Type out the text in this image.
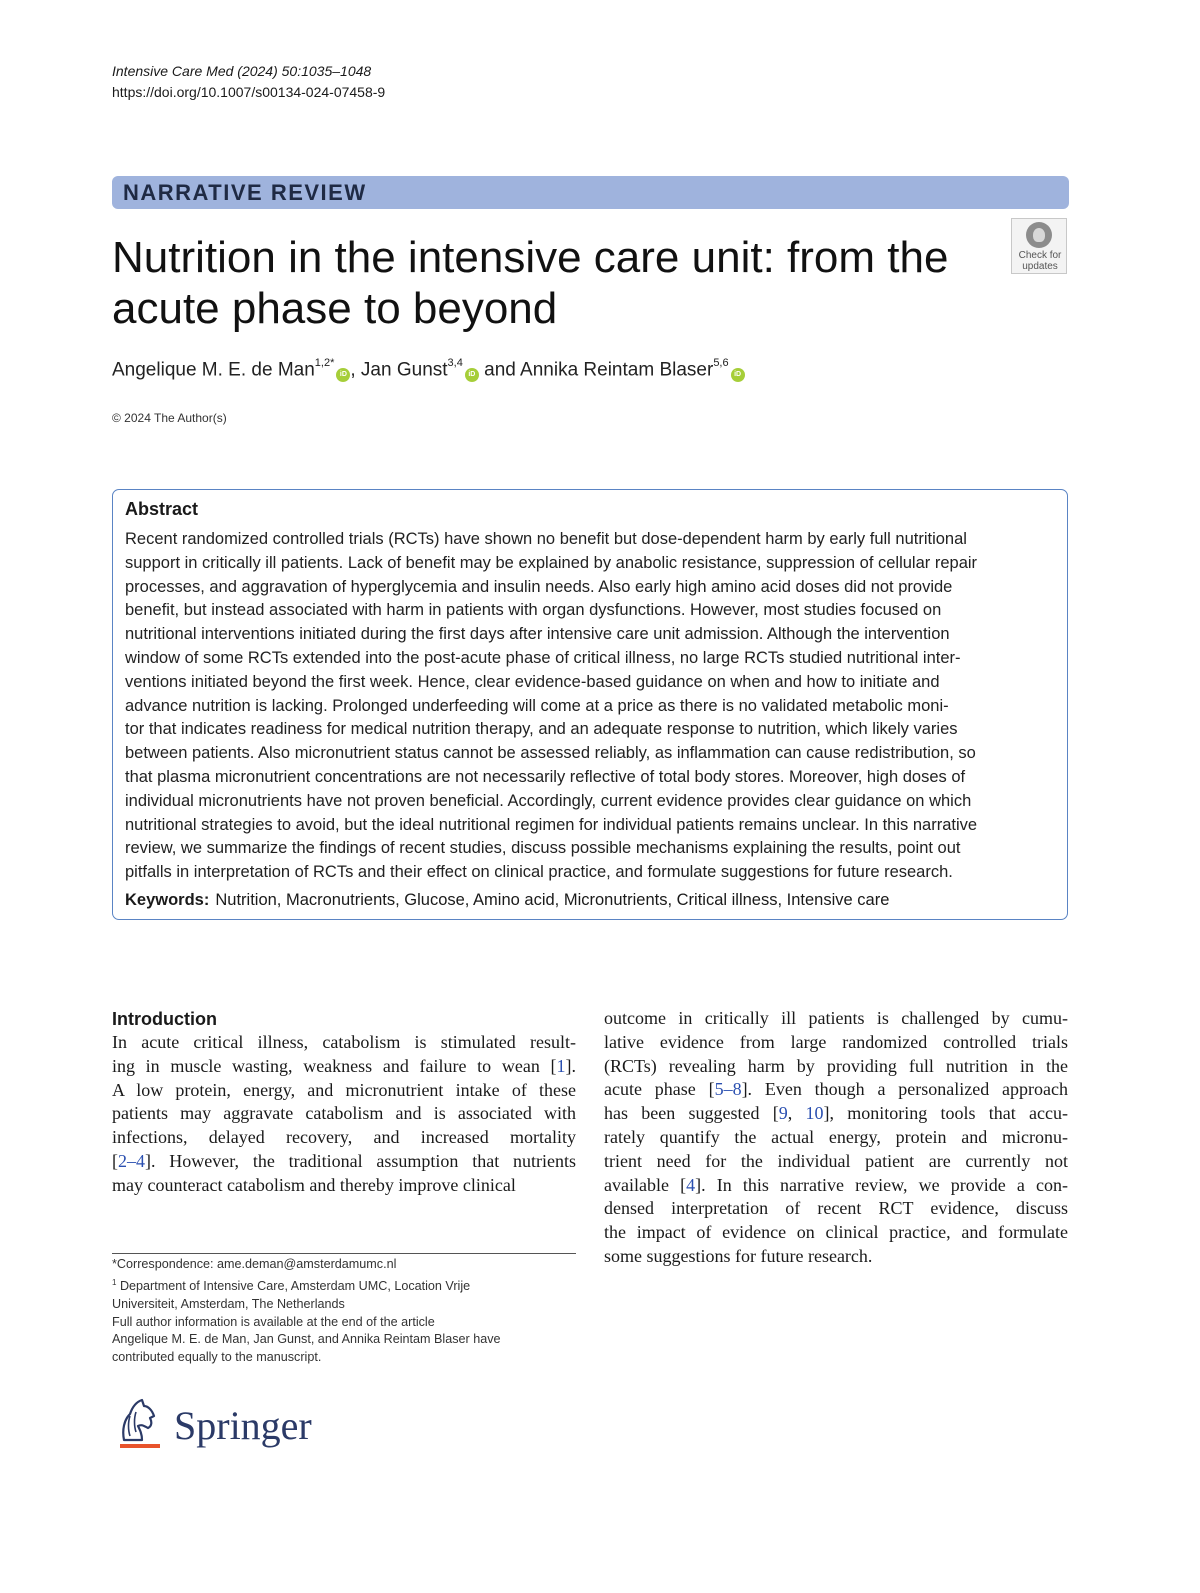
Intensive Care Med (2024) 50:1035–1048
https://doi.org/10.1007/s00134-024-07458-9
NARRATIVE REVIEW
Nutrition in the intensive care unit: from the
acute phase to beyond
Check for
updates
Angelique M. E. de Man$^{1,2*}$iD , Jan Gunst$^{3,4}$iD and Annika Reintam Blaser$^{5,6}$iD
© 2024 The Author(s)
Abstract
Recent randomized controlled trials (RCTs) have shown no benefit but dose-dependent harm by early full nutritional
support in critically ill patients. Lack of benefit may be explained by anabolic resistance, suppression of cellular repair
processes, and aggravation of hyperglycemia and insulin needs. Also early high amino acid doses did not provide
benefit, but instead associated with harm in patients with organ dysfunctions. However, most studies focused on
nutritional interventions initiated during the first days after intensive care unit admission. Although the intervention
window of some RCTs extended into the post-acute phase of critical illness, no large RCTs studied nutritional inter-
ventions initiated beyond the first week. Hence, clear evidence-based guidance on when and how to initiate and
advance nutrition is lacking. Prolonged underfeeding will come at a price as there is no validated metabolic moni-
tor that indicates readiness for medical nutrition therapy, and an adequate response to nutrition, which likely varies
between patients. Also micronutrient status cannot be assessed reliably, as inflammation can cause redistribution, so
that plasma micronutrient concentrations are not necessarily reflective of total body stores. Moreover, high doses of
individual micronutrients have not proven beneficial. Accordingly, current evidence provides clear guidance on which
nutritional strategies to avoid, but the ideal nutritional regimen for individual patients remains unclear. In this narrative
review, we summarize the findings of recent studies, discuss possible mechanisms explaining the results, point out
pitfalls in interpretation of RCTs and their effect on clinical practice, and formulate suggestions for future research.
Keywords: Nutrition, Macronutrients, Glucose, Amino acid, Micronutrients, Critical illness, Intensive care
Introduction
In acute critical illness, catabolism is stimulated result-
ing in muscle wasting, weakness and failure to wean [1].
A low protein, energy, and micronutrient intake of these
patients may aggravate catabolism and is associated with
infections, delayed recovery, and increased mortality
[2–4]. However, the traditional assumption that nutrients
may counteract catabolism and thereby improve clinical
outcome in critically ill patients is challenged by cumu-
lative evidence from large randomized controlled trials
(RCTs) revealing harm by providing full nutrition in the
acute phase [5–8]. Even though a personalized approach
has been suggested [9, 10], monitoring tools that accu-
rately quantify the actual energy, protein and micronu-
trient need for the individual patient are currently not
available [4]. In this narrative review, we provide a con-
densed interpretation of recent RCT evidence, discuss
the impact of evidence on clinical practice, and formulate
some suggestions for future research.
*Correspondence: ame.deman@amsterdamumc.nl
$^1$ Department of Intensive Care, Amsterdam UMC, Location Vrije
Universiteit, Amsterdam, The Netherlands
Full author information is available at the end of the article
Angelique M. E. de Man, Jan Gunst, and Annika Reintam Blaser have
contributed equally to the manuscript.
Springer
